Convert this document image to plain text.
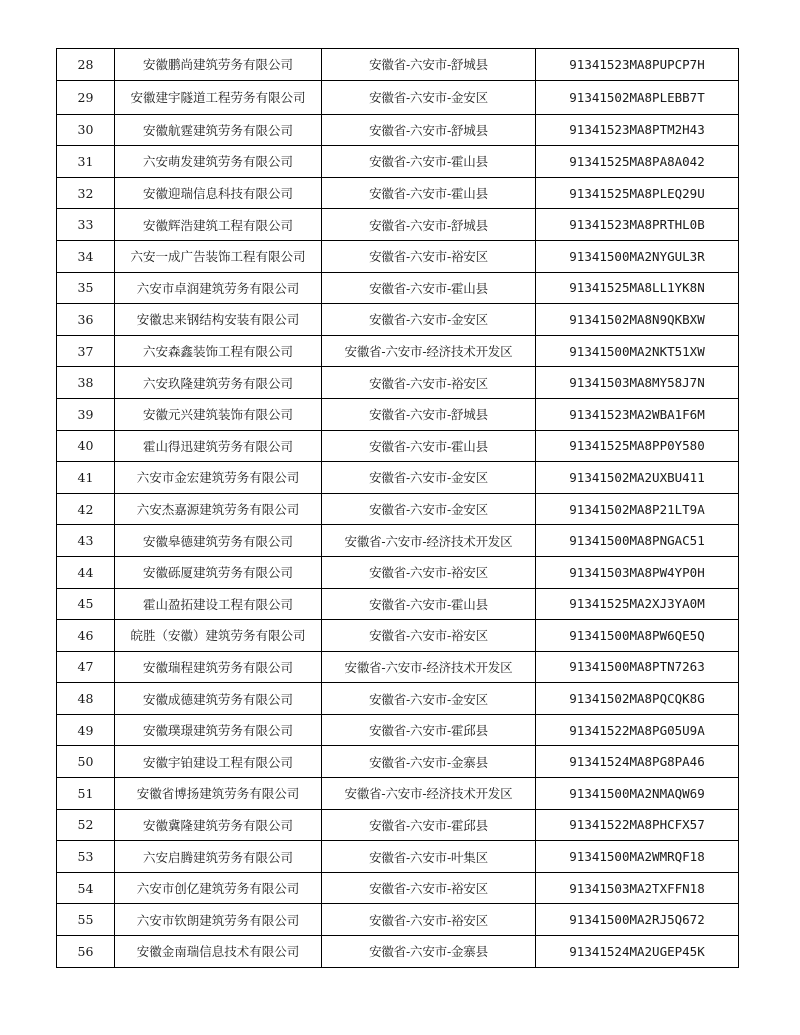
28	安徽鹏尚建筑劳务有限公司	安徽省-六安市-舒城县	91341523MA8PUPCP7H
29	安徽建宇隧道工程劳务有限公司	安徽省-六安市-金安区	91341502MA8PLEBB7T
30	安徽航霆建筑劳务有限公司	安徽省-六安市-舒城县	91341523MA8PTM2H43
31	六安萌发建筑劳务有限公司	安徽省-六安市-霍山县	91341525MA8PA8A042
32	安徽迎瑞信息科技有限公司	安徽省-六安市-霍山县	91341525MA8PLEQ29U
33	安徽辉浩建筑工程有限公司	安徽省-六安市-舒城县	91341523MA8PRTHL0B
34	六安一成广告装饰工程有限公司	安徽省-六安市-裕安区	91341500MA2NYGUL3R
35	六安市卓润建筑劳务有限公司	安徽省-六安市-霍山县	91341525MA8LL1YK8N
36	安徽忠来钢结构安装有限公司	安徽省-六安市-金安区	91341502MA8N9QKBXW
37	六安森鑫装饰工程有限公司	安徽省-六安市-经济技术开发区	91341500MA2NKT51XW
38	六安玖隆建筑劳务有限公司	安徽省-六安市-裕安区	91341503MA8MY58J7N
39	安徽元兴建筑装饰有限公司	安徽省-六安市-舒城县	91341523MA2WBA1F6M
40	霍山得迅建筑劳务有限公司	安徽省-六安市-霍山县	91341525MA8PP0Y580
41	六安市金宏建筑劳务有限公司	安徽省-六安市-金安区	91341502MA2UXBU411
42	六安杰嘉源建筑劳务有限公司	安徽省-六安市-金安区	91341502MA8P21LT9A
43	安徽皋德建筑劳务有限公司	安徽省-六安市-经济技术开发区	91341500MA8PNGAC51
44	安徽砾厦建筑劳务有限公司	安徽省-六安市-裕安区	91341503MA8PW4YP0H
45	霍山盈拓建设工程有限公司	安徽省-六安市-霍山县	91341525MA2XJ3YA0M
46	皖胜（安徽）建筑劳务有限公司	安徽省-六安市-裕安区	91341500MA8PW6QE5Q
47	安徽瑞程建筑劳务有限公司	安徽省-六安市-经济技术开发区	91341500MA8PTN7263
48	安徽成德建筑劳务有限公司	安徽省-六安市-金安区	91341502MA8PQCQK8G
49	安徽璞璟建筑劳务有限公司	安徽省-六安市-霍邱县	91341522MA8PG05U9A
50	安徽宇铂建设工程有限公司	安徽省-六安市-金寨县	91341524MA8PG8PA46
51	安徽省博扬建筑劳务有限公司	安徽省-六安市-经济技术开发区	91341500MA2NMAQW69
52	安徽冀隆建筑劳务有限公司	安徽省-六安市-霍邱县	91341522MA8PHCFX57
53	六安启腾建筑劳务有限公司	安徽省-六安市-叶集区	91341500MA2WMRQF18
54	六安市创亿建筑劳务有限公司	安徽省-六安市-裕安区	91341503MA2TXFFN18
55	六安市钦朗建筑劳务有限公司	安徽省-六安市-裕安区	91341500MA2RJ5Q672
56	安徽金南瑞信息技术有限公司	安徽省-六安市-金寨县	91341524MA2UGEP45K
